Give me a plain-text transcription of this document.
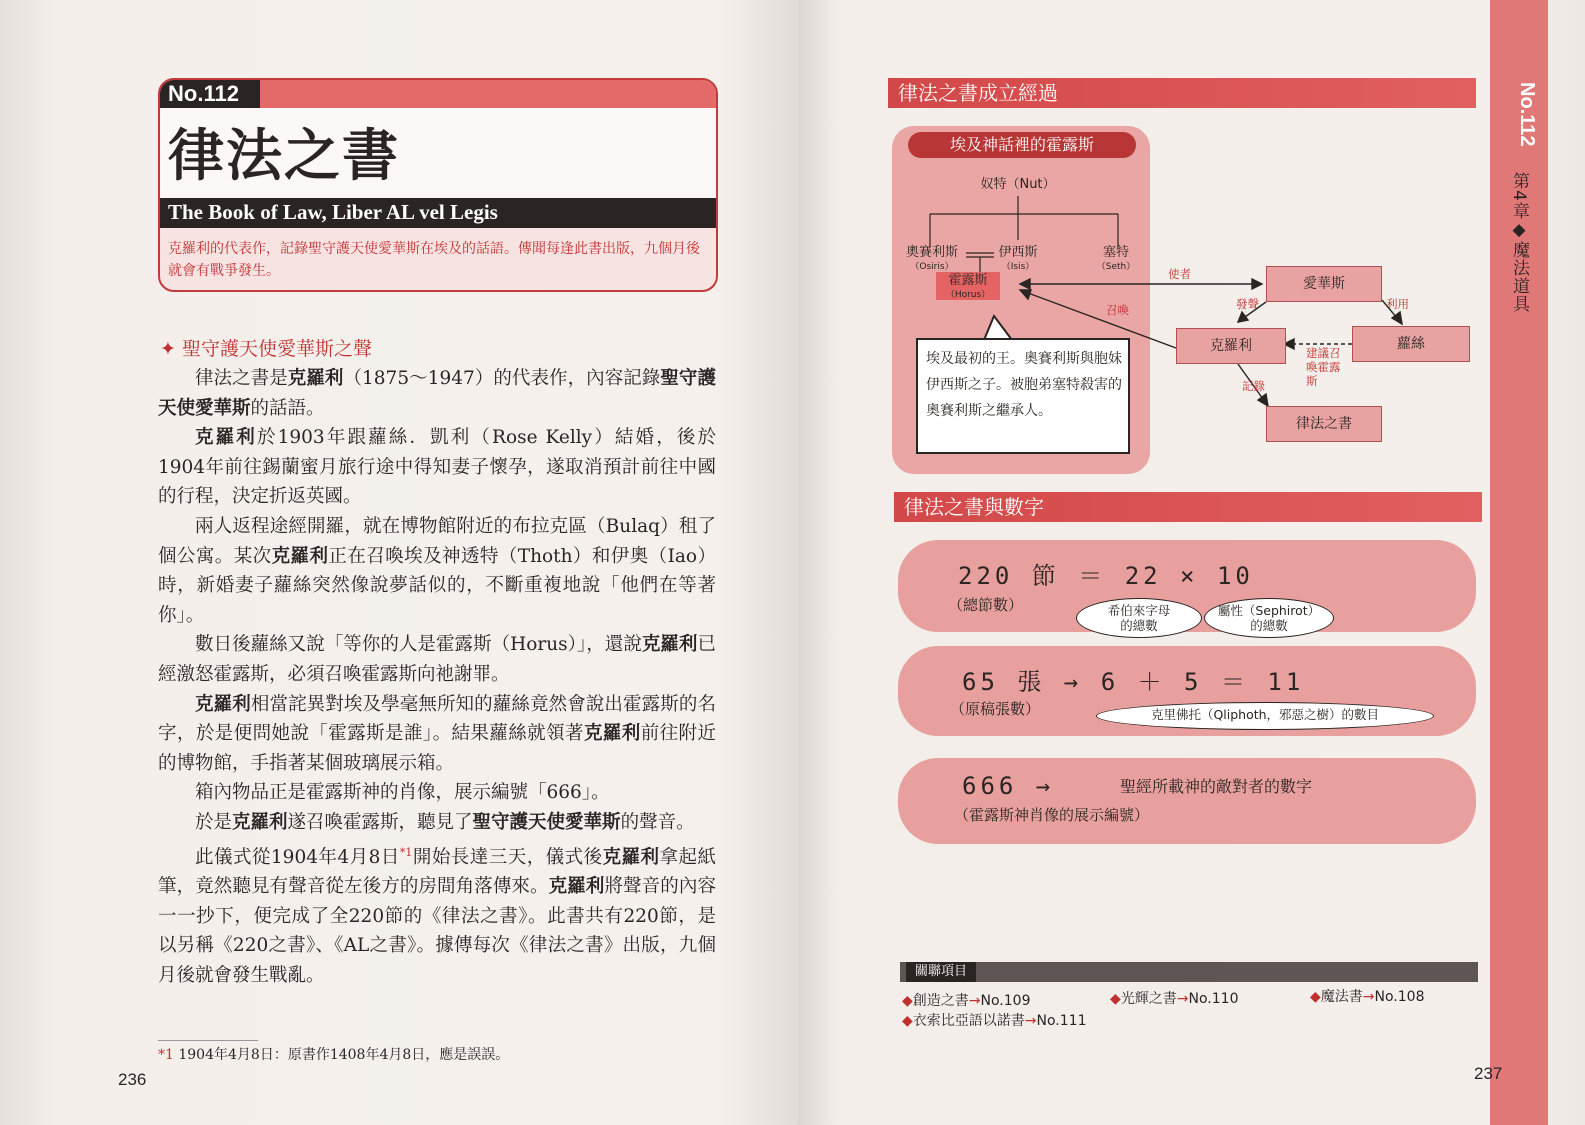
No.112
律法之書
The Book of Law, Liber AL vel Legis
克羅利的代表作，記錄聖守護天使愛華斯在埃及的話語。傳聞每逢此書出版，九個月後就會有戰爭發生。
✦ 聖守護天使愛華斯之聲

律法之書是克羅利（1875～1947）的代表作，內容記錄聖守護天使愛華斯的話語。

克羅利於1903年跟蘿絲．凱利（Rose Kelly）結婚，後於1904年前往錫蘭蜜月旅行途中得知妻子懷孕，遂取消預計前往中國的行程，決定折返英國。

兩人返程途經開羅，就在博物館附近的布拉克區（Bulaq）租了個公寓。某次克羅利正在召喚埃及神透特（Thoth）和伊奧（Iao）時，新婚妻子蘿絲突然像說夢話似的，不斷重複地說「他們在等著你」。

數日後蘿絲又說「等你的人是霍露斯（Horus）」，還說克羅利已經激怒霍露斯，必須召喚霍露斯向祂謝罪。

克羅利相當詫異對埃及學毫無所知的蘿絲竟然會說出霍露斯的名字，於是便問她說「霍露斯是誰」。結果蘿絲就領著克羅利前往附近的博物館，手指著某個玻璃展示箱。

箱內物品正是霍露斯神的肖像，展示編號「666」。

於是克羅利遂召喚霍露斯，聽見了聖守護天使愛華斯的聲音。

此儀式從1904年4月8日$^{*1}$開始長達三天，儀式後克羅利拿起紙筆，竟然聽見有聲音從左後方的房間角落傳來。克羅利將聲音的內容一一抄下，便完成了全220節的《律法之書》。此書共有220節，是以另稱《220之書》、《AL之書》。據傳每次《律法之書》出版，九個月後就會發生戰亂。

*1 1904年4月8日：原書作1408年4月8日，應是誤誤。
236
No.112
第4章◆魔法道具
律法之書成立經過
埃及神話裡的霍露斯
奴特（Nut）
奧賽利斯
（Osiris）
伊西斯
（Isis）
塞特
（Seth）
霍露斯
（Horus）
埃及最初的王。奧賽利斯與胞妹伊西斯之子。被胞弟塞特殺害的奧賽利斯之繼承人。
愛華斯
克羅利	蘿絲
律法之書
使者
召喚	發聲	利用
建議召喚霍露斯
記錄
律法之書與數字
220 節 ＝ 22 × 10
（總節數）	希伯來字母
的總數
屬性（Sephirot）
的總數
65 張 → 6 ＋ 5 ＝ 11
（原稿張數）	克里佛托（Qliphoth，邪惡之樹）的數目
666 →	聖經所載神的敵對者的數字
（霍露斯神肖像的展示編號）
關聯項目
◆創造之書→No.109	◆光輝之書→No.110	◆魔法書→No.108
◆衣索比亞語以諾書→No.111
237
